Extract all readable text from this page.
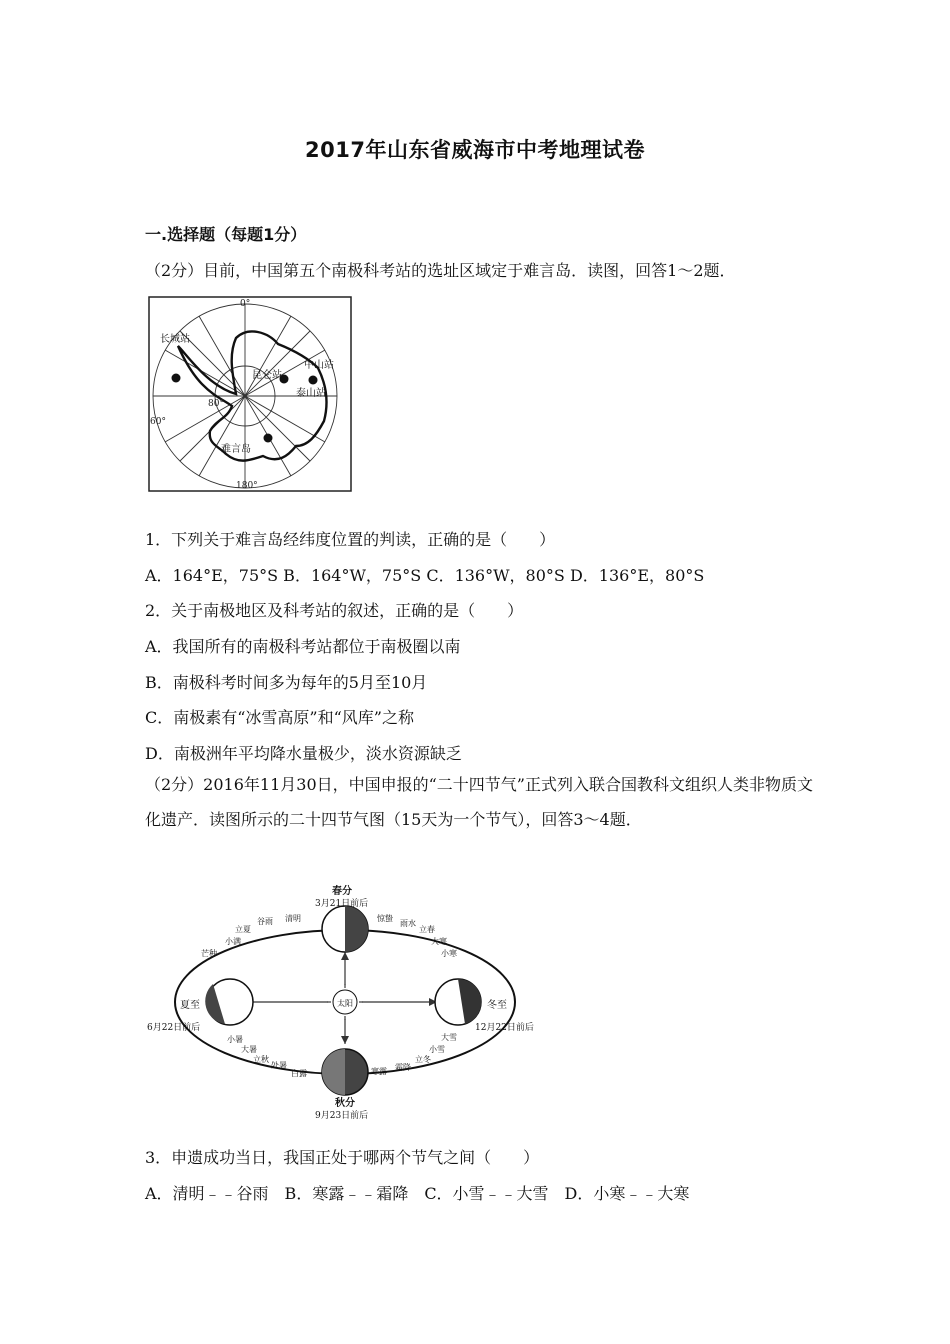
2017年山东省威海市中考地理试卷
一.选择题（每题1分）
（2分）目前，中国第五个南极科考站的选址区域定于难言岛．读图，回答1～2题．
0°
180°
60°
80°
长城站
昆仑站
中山站
泰山站
难言岛
1．下列关于难言岛经纬度位置的判读，正确的是（　　）
A．164°E，75°S B．164°W，75°S C．136°W，80°S D．136°E，80°S
2．关于南极地区及科考站的叙述，正确的是（　　）
A．我国所有的南极科考站都位于南极圈以南
B．南极科考时间多为每年的5月至10月
C．南极素有“冰雪高原”和“风库”之称
D．南极洲年平均降水量极少，淡水资源缺乏
（2分）2016年11月30日，中国申报的“二十四节气”正式列入联合国教科文组织人类非物质文化遗产．读图所示的二十四节气图（15天为一个节气），回答3～4题．
太阳
春分
3月21日前后
夏至
6月22日前后
秋分
9月23日前后
冬至
12月22日前后
清明
谷雨
立夏
小满
芒种
惊蛰
雨水
立春
大寒
小寒
小暑
大暑
立秋
处暑
白露	寒露 霜降
立冬
小雪
大雪
3．申遗成功当日，我国正处于哪两个节气之间（　　）
A．清明﹣﹣谷雨　B．寒露﹣﹣霜降　C．小雪﹣﹣大雪　D．小寒﹣﹣大寒
